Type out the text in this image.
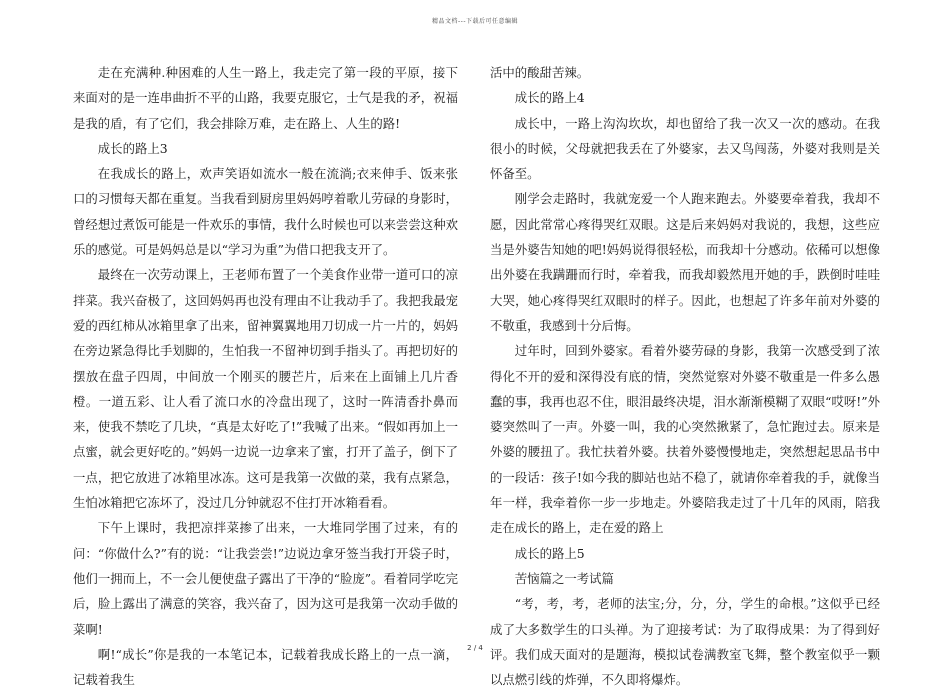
精品文档---下载后可任意编辑

走在充满种.种困难的人生一路上，我走完了第一段的平原，接下来面对的是一连串曲折不平的山路，我要克服它，士气是我的矛，祝福是我的盾，有了它们，我会排除万难，走在路上、人生的路!

成长的路上3

在我成长的路上，欢声笑语如流水一般在流淌;衣来伸手、饭来张口的习惯每天都在重复。当我看到厨房里妈妈哼着歌儿劳碌的身影时，曾经想过煮饭可能是一件欢乐的事情，我什么时候也可以来尝尝这种欢乐的感觉。可是妈妈总是以“学习为重”为借口把我支开了。

最终在一次劳动课上，王老师布置了一个美食作业带一道可口的凉拌菜。我兴奋极了，这回妈妈再也没有理由不让我动手了。我把我最宠爱的西红柿从冰箱里拿了出来，留神翼翼地用刀切成一片一片的，妈妈在旁边紧急得比手划脚的，生怕我一不留神切到手指头了。再把切好的摆放在盘子四周，中间放一个刚买的腰芒片，后来在上面铺上几片香橙。一道五彩、让人看了流口水的冷盘出现了，这时一阵清香扑鼻而来，使我不禁吃了几块，“真是太好吃了!”我喊了出来。“假如再加上一点蜜，就会更好吃的。”妈妈一边说一边拿来了蜜，打开了盖子，倒下了一点，把它放进了冰箱里冰冻。这可是我第一次做的菜，我有点紧急，生怕冰箱把它冻坏了，没过几分钟就忍不住打开冰箱看看。

下午上课时，我把凉拌菜掺了出来，一大堆同学围了过来，有的问：“你做什么?”有的说：“让我尝尝!”边说边拿牙签当我打开袋子时，他们一拥而上，不一会儿便使盘子露出了干净的“脸庞”。看着同学吃完后，脸上露出了满意的笑容，我兴奋了，因为这可是我第一次动手做的菜啊!

啊!“成长”你是我的一本笔记本，记载着我成长路上的一点一滴，记载着我生

活中的酸甜苦辣。

成长的路上4

成长中，一路上沟沟坎坎，却也留给了我一次又一次的感动。在我很小的时候，父母就把我丢在了外婆家，去又鸟闯荡，外婆对我则是关怀备至。

刚学会走路时，我就宠爱一个人跑来跑去。外婆要牵着我，我却不愿，因此常常心疼得哭红双眼。这是后来妈妈对我说的，我想，这些应当是外婆告知她的吧!妈妈说得很轻松，而我却十分感动。依稀可以想像出外婆在我蹒跚而行时，牵着我，而我却毅然甩开她的手，跌倒时哇哇大哭，她心疼得哭红双眼时的样子。因此，也想起了许多年前对外婆的不敬重，我感到十分后悔。

过年时，回到外婆家。看着外婆劳碌的身影，我第一次感受到了浓得化不开的爱和深得没有底的情，突然觉察对外婆不敬重是一件多么愚蠢的事，我再也忍不住，眼泪最终决堤，泪水渐渐模糊了双眼“哎呀!”外婆突然叫了一声。外婆一叫，我的心突然揪紧了，急忙跑过去。原来是外婆的腰扭了。我忙扶着外婆。扶着外婆慢慢地走，突然想起思品书中的一段话：孩子!如今我的脚站也站不稳了，就请你牵着我的手，就像当年一样，我牵着你一步一步地走。外婆陪我走过了十几年的风雨，陪我走在成长的路上，走在爱的路上

成长的路上5

苦恼篇之一考试篇

“考，考，考，老师的法宝;分，分，分，学生的命根。”这似乎已经成了大多数学生的口头禅。为了迎接考试：为了取得成果：为了得到好评。我们成天面对的是题海，模拟试卷满教室飞舞，整个教室似乎一颗以点燃引线的炸弹，不久即将爆炸。

2 / 4
